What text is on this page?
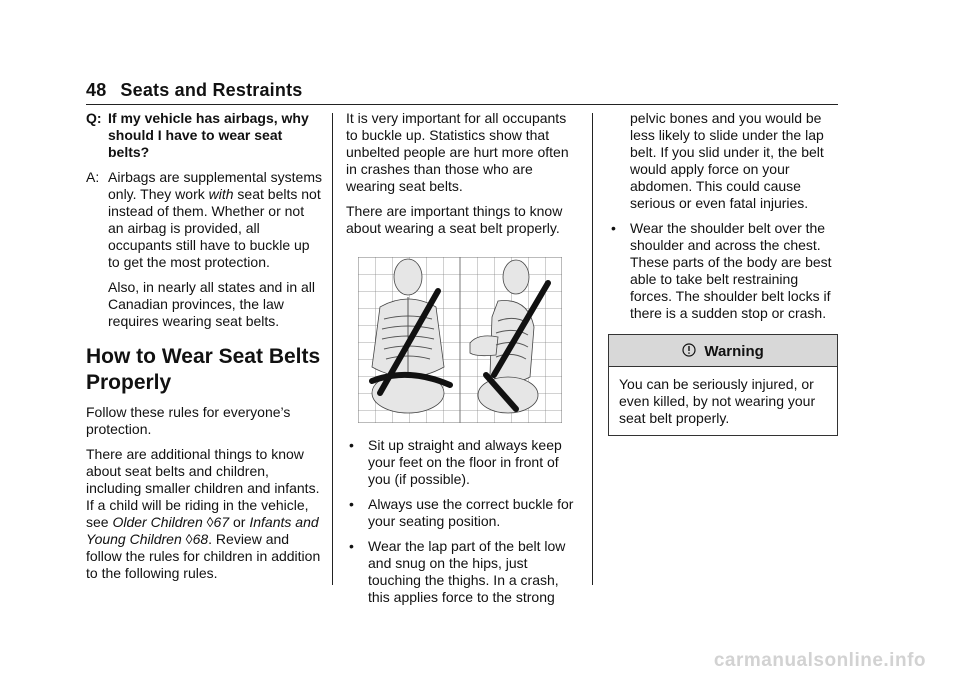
48 Seats and Restraints
Q: If my vehicle has airbags, why should I have to wear seat belts?
A: Airbags are supplemental systems only. They work with seat belts not instead of them. Whether or not an airbag is provided, all occupants still have to buckle up to get the most protection.

Also, in nearly all states and in all Canadian provinces, the law requires wearing seat belts.

How to Wear Seat Belts Properly

Follow these rules for everyone’s protection.

There are additional things to know about seat belts and children, including smaller children and infants. If a child will be riding in the vehicle, see Older Children ◊67 or Infants and Young Children ◊68. Review and follow the rules for children in addition to the following rules.

It is very important for all occupants to buckle up. Statistics show that unbelted people are hurt more often in crashes than those who are wearing seat belts.

There are important things to know about wearing a seat belt properly.

• Sit up straight and always keep your feet on the floor in front of you (if possible).
• Always use the correct buckle for your seating position.
• Wear the lap part of the belt low and snug on the hips, just touching the thighs. In a crash, this applies force to the strong

pelvic bones and you would be less likely to slide under the lap belt. If you slid under it, the belt would apply force on your abdomen. This could cause serious or even fatal injuries.

• Wear the shoulder belt over the shoulder and across the chest. These parts of the body are best able to take belt restraining forces. The shoulder belt locks if there is a sudden stop or crash.
Warning
You can be seriously injured, or even killed, by not wearing your seat belt properly.
carmanualsonline.info
